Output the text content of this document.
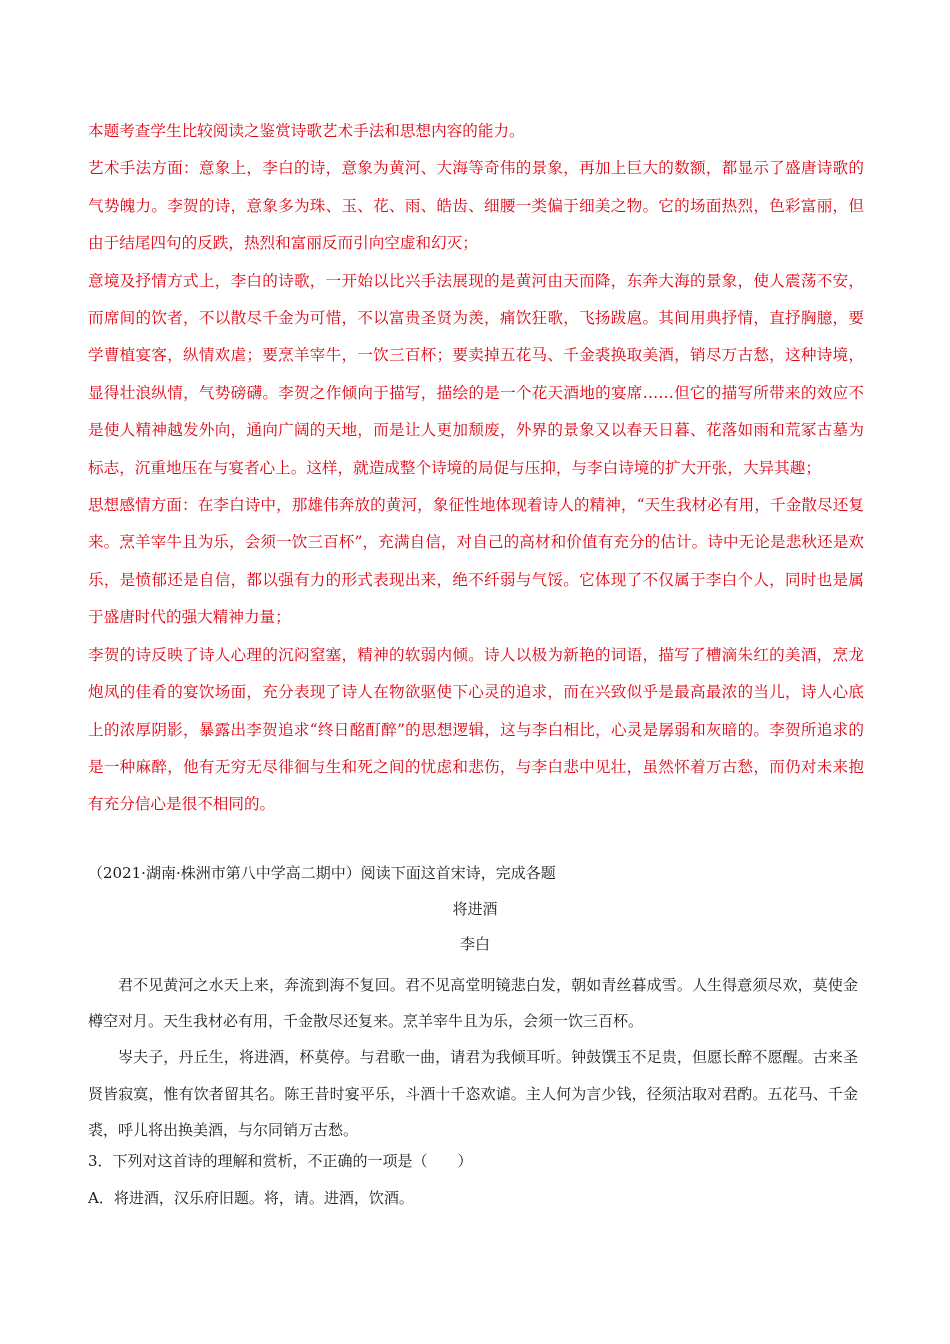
本题考查学生比较阅读之鉴赏诗歌艺术手法和思想内容的能力。

艺术手法方面：意象上，李白的诗，意象为黄河、大海等奇伟的景象，再加上巨大的数额，都显示了盛唐诗歌的气势魄力。李贺的诗，意象多为珠、玉、花、雨、皓齿、细腰一类偏于细美之物。它的场面热烈，色彩富丽，但由于结尾四句的反跌，热烈和富丽反而引向空虚和幻灭；

意境及抒情方式上，李白的诗歌，一开始以比兴手法展现的是黄河由天而降，东奔大海的景象，使人震荡不安，而席间的饮者，不以散尽千金为可惜，不以富贵圣贤为羡，痛饮狂歌，飞扬跋扈。其间用典抒情，直抒胸臆，要学曹植宴客，纵情欢虐；要烹羊宰牛，一饮三百杯；要卖掉五花马、千金裘换取美酒，销尽万古愁，这种诗境，显得壮浪纵情，气势磅礴。李贺之作倾向于描写，描绘的是一个花天酒地的宴席……但它的描写所带来的效应不是使人精神越发外向，通向广阔的天地，而是让人更加颓废，外界的景象又以春天日暮、花落如雨和荒冢古墓为标志，沉重地压在与宴者心上。这样，就造成整个诗境的局促与压抑，与李白诗境的扩大开张，大异其趣；

思想感情方面：在李白诗中，那雄伟奔放的黄河，象征性地体现着诗人的精神，“天生我材必有用，千金散尽还复来。烹羊宰牛且为乐，会须一饮三百杯”，充满自信，对自己的高材和价值有充分的估计。诗中无论是悲秋还是欢乐，是愤郁还是自信，都以强有力的形式表现出来，绝不纤弱与气馁。它体现了不仅属于李白个人，同时也是属于盛唐时代的强大精神力量；

李贺的诗反映了诗人心理的沉闷窒塞，精神的软弱内倾。诗人以极为新艳的词语，描写了槽滴朱红的美酒，烹龙炮凤的佳肴的宴饮场面，充分表现了诗人在物欲驱使下心灵的追求，而在兴致似乎是最高最浓的当儿，诗人心底上的浓厚阴影，暴露出李贺追求“终日酩酊醉”的思想逻辑，这与李白相比，心灵是孱弱和灰暗的。李贺所追求的是一种麻醉，他有无穷无尽徘徊与生和死之间的忧虑和悲伤，与李白悲中见壮，虽然怀着万古愁，而仍对未来抱有充分信心是很不相同的。

（2021·湖南·株洲市第八中学高二期中）阅读下面这首宋诗，完成各题
将进酒
李白

君不见黄河之水天上来，奔流到海不复回。君不见高堂明镜悲白发，朝如青丝暮成雪。人生得意须尽欢，莫使金樽空对月。天生我材必有用，千金散尽还复来。烹羊宰牛且为乐，会须一饮三百杯。

岑夫子，丹丘生，将进酒，杯莫停。与君歌一曲，请君为我倾耳听。钟鼓馔玉不足贵，但愿长醉不愿醒。古来圣贤皆寂寞，惟有饮者留其名。陈王昔时宴平乐，斗酒十千恣欢谑。主人何为言少钱，径须沽取对君酌。五花马、千金裘，呼儿将出换美酒，与尔同销万古愁。

3．下列对这首诗的理解和赏析，不正确的一项是（　　）
A．将进酒，汉乐府旧题。将，请。进酒，饮酒。
